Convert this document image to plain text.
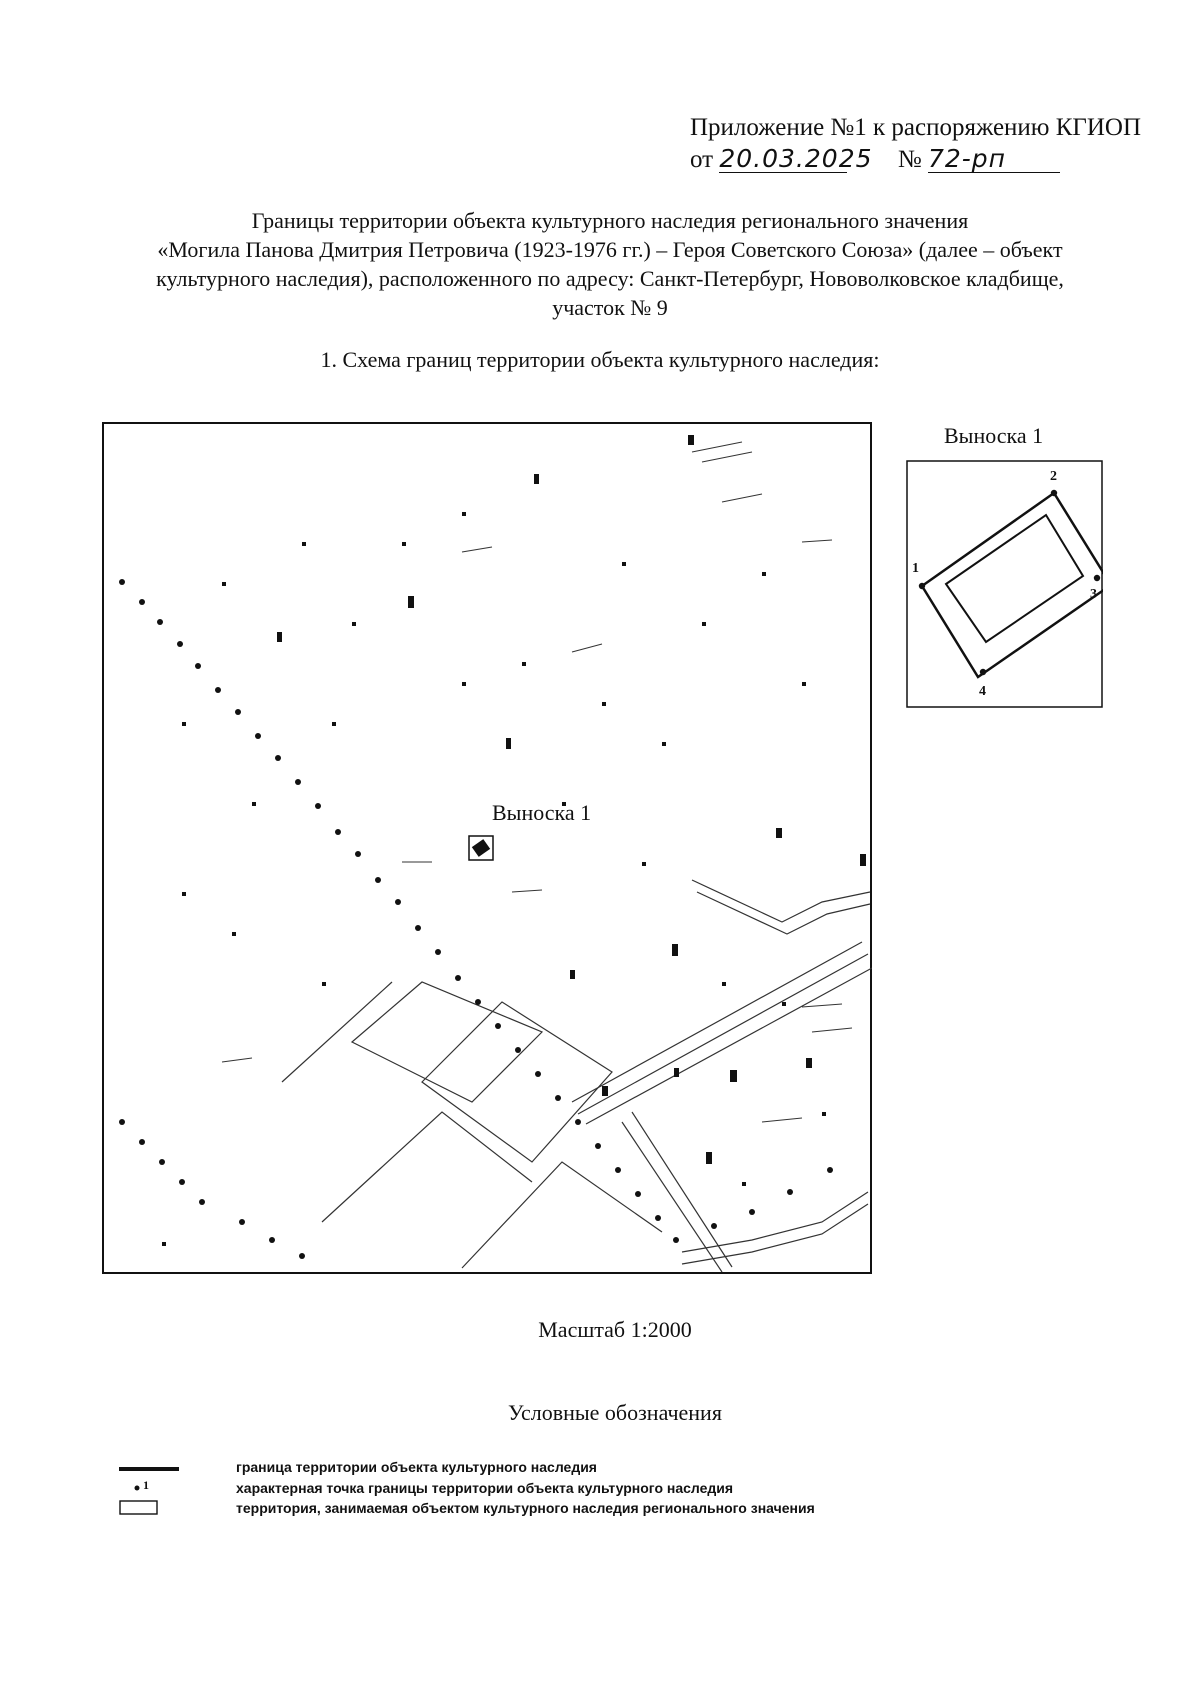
Приложение №1 к распоряжению КГИОП
от 20.03.2025 № 72-рп
Границы территории объекта культурного наследия регионального значения
«Могила Панова Дмитрия Петровича (1923-1976 гг.) – Героя Советского Союза» (далее – объект
культурного наследия), расположенного по адресу: Санкт-Петербург, Нововолковское кладбище,
участок № 9
1. Схема границ территории объекта культурного наследия:
Выноска 1
Выноска 1
1
2
3
4
Масштаб 1:2000
Условные обозначения
граница территории объекта культурного наследия
1	характерная точка границы территории объекта культурного наследия
территория, занимаемая объектом культурного наследия регионального значения
